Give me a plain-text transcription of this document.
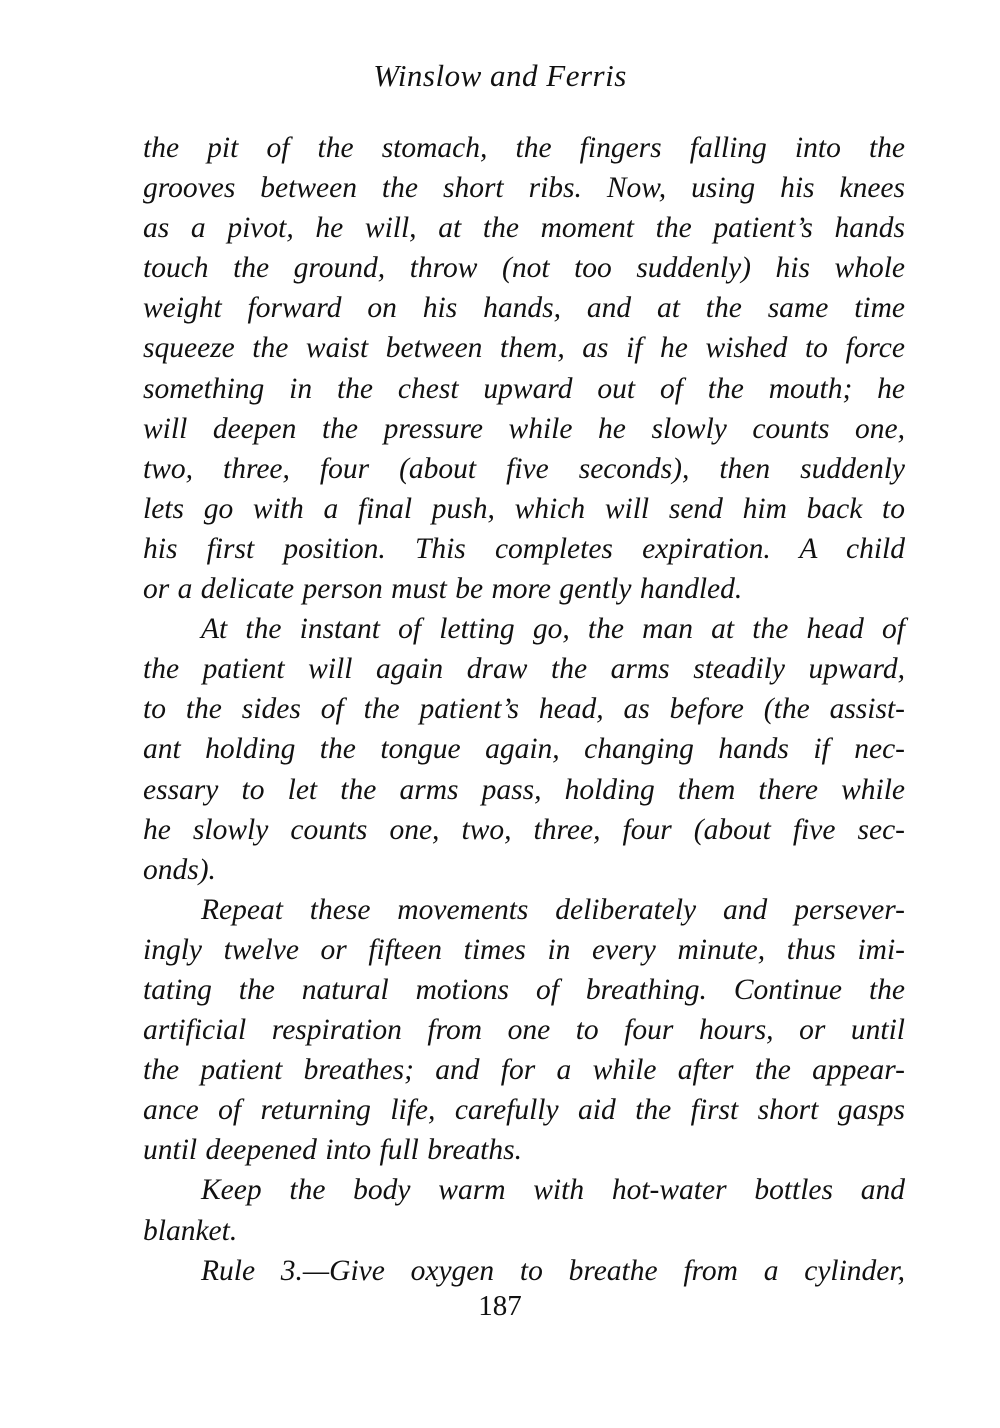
Winslow and Ferris
the pit of the stomach, the fingers falling into the
grooves between the short ribs. Now, using his knees
as a pivot, he will, at the moment the patient’s hands
touch the ground, throw (not too suddenly) his whole
weight forward on his hands, and at the same time
squeeze the waist between them, as if he wished to force
something in the chest upward out of the mouth; he
will deepen the pressure while he slowly counts one,
two, three, four (about five seconds), then suddenly
lets go with a final push, which will send him back to
his first position. This completes expiration. A child
or a delicate person must be more gently handled.
At the instant of letting go, the man at the head of
the patient will again draw the arms steadily upward,
to the sides of the patient’s head, as before (the assist-
ant holding the tongue again, changing hands if nec-
essary to let the arms pass, holding them there while
he slowly counts one, two, three, four (about five sec-
onds).
Repeat these movements deliberately and persever-
ingly twelve or fifteen times in every minute, thus imi-
tating the natural motions of breathing. Continue the
artificial respiration from one to four hours, or until
the patient breathes; and for a while after the appear-
ance of returning life, carefully aid the first short gasps
until deepened into full breaths.
Keep the body warm with hot-water bottles and
blanket.
Rule 3.—Give oxygen to breathe from a cylinder,
187
